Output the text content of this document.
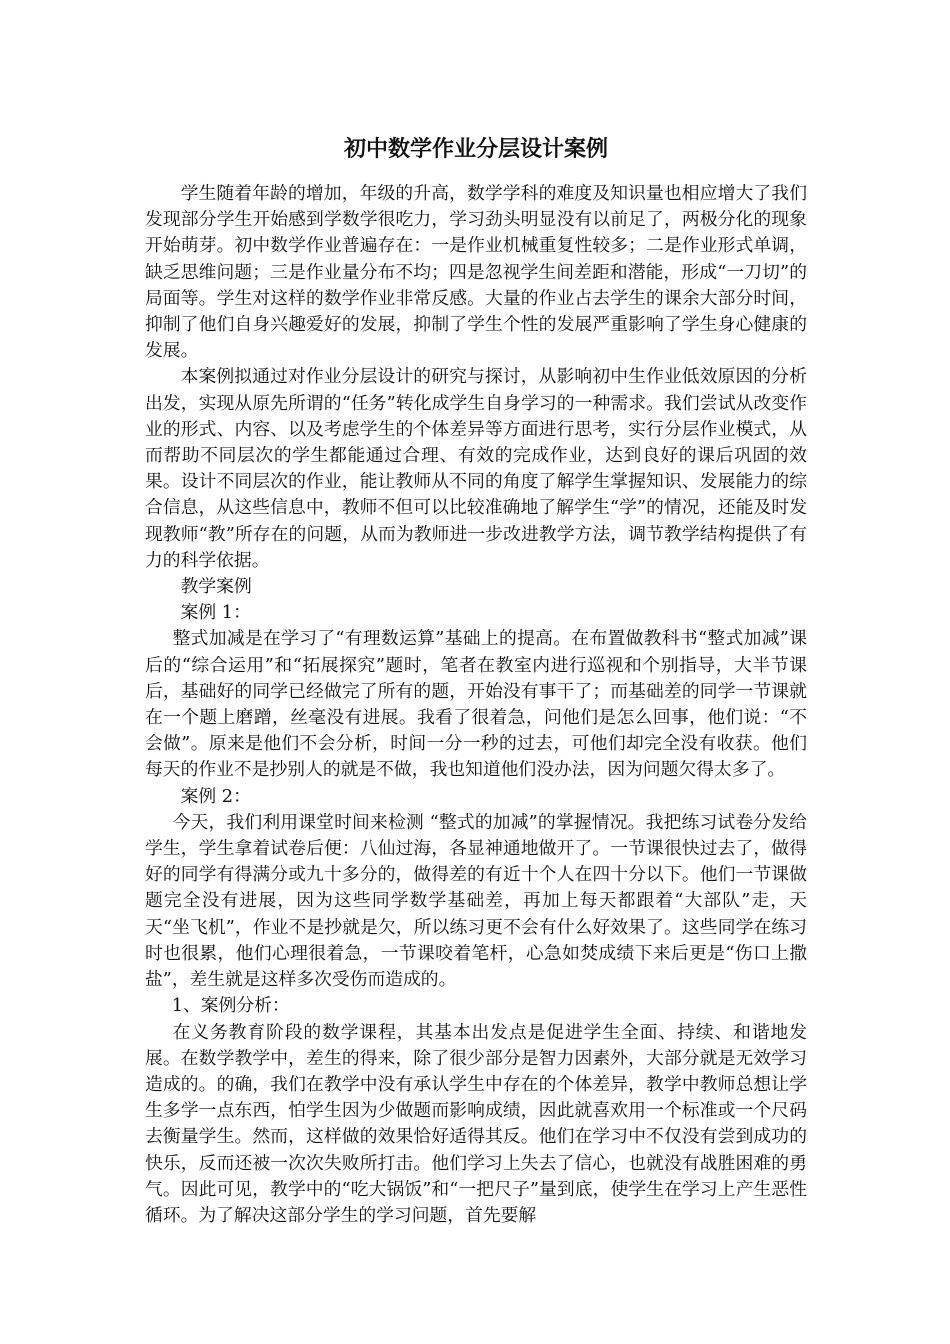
初中数学作业分层设计案例

学生随着年龄的增加，年级的升高，数学学科的难度及知识量也相应增大了我们发现部分学生开始感到学数学很吃力，学习劲头明显没有以前足了，两极分化的现象开始萌芽。初中数学作业普遍存在：一是作业机械重复性较多；二是作业形式单调，缺乏思维问题；三是作业量分布不均；四是忽视学生间差距和潜能，形成“一刀切”的局面等。学生对这样的数学作业非常反感。大量的作业占去学生的课余大部分时间，抑制了他们自身兴趣爱好的发展，抑制了学生个性的发展严重影响了学生身心健康的发展。

本案例拟通过对作业分层设计的研究与探讨，从影响初中生作业低效原因的分析出发，实现从原先所谓的“任务”转化成学生自身学习的一种需求。我们尝试从改变作业的形式、内容、以及考虑学生的个体差异等方面进行思考，实行分层作业模式，从而帮助不同层次的学生都能通过合理、有效的完成作业，达到良好的课后巩固的效果。设计不同层次的作业，能让教师从不同的角度了解学生掌握知识、发展能力的综合信息，从这些信息中，教师不但可以比较准确地了解学生“学”的情况，还能及时发现教师“教”所存在的问题，从而为教师进一步改进教学方法，调节教学结构提供了有力的科学依据。

教学案例

案例 1：

整式加减是在学习了“有理数运算”基础上的提高。在布置做教科书“整式加减”课后的“综合运用”和“拓展探究”题时，笔者在教室内进行巡视和个别指导，大半节课后，基础好的同学已经做完了所有的题，开始没有事干了；而基础差的同学一节课就在一个题上磨蹭，丝毫没有进展。我看了很着急，问他们是怎么回事，他们说：“不会做”。原来是他们不会分析，时间一分一秒的过去，可他们却完全没有收获。他们每天的作业不是抄别人的就是不做，我也知道他们没办法，因为问题欠得太多了。

案例 2：

今天，我们利用课堂时间来检测 “整式的加减”的掌握情况。我把练习试卷分发给学生，学生拿着试卷后便：八仙过海，各显神通地做开了。一节课很快过去了，做得好的同学有得满分或九十多分的，做得差的有近十个人在四十分以下。他们一节课做题完全没有进展，因为这些同学数学基础差，再加上每天都跟着“大部队”走，天天“坐飞机”，作业不是抄就是欠，所以练习更不会有什么好效果了。这些同学在练习时也很累，他们心理很着急，一节课咬着笔杆，心急如焚成绩下来后更是“伤口上撒盐”，差生就是这样多次受伤而造成的。

1、案例分析：

在义务教育阶段的数学课程，其基本出发点是促进学生全面、持续、和谐地发展。在数学教学中，差生的得来，除了很少部分是智力因素外，大部分就是无效学习造成的。的确，我们在教学中没有承认学生中存在的个体差异，教学中教师总想让学生多学一点东西，怕学生因为少做题而影响成绩，因此就喜欢用一个标准或一个尺码去衡量学生。然而，这样做的效果恰好适得其反。他们在学习中不仅没有尝到成功的快乐，反而还被一次次失败所打击。他们学习上失去了信心，也就没有战胜困难的勇气。因此可见，教学中的“吃大锅饭”和“一把尺子”量到底，使学生在学习上产生恶性循环。为了解决这部分学生的学习问题，首先要解
